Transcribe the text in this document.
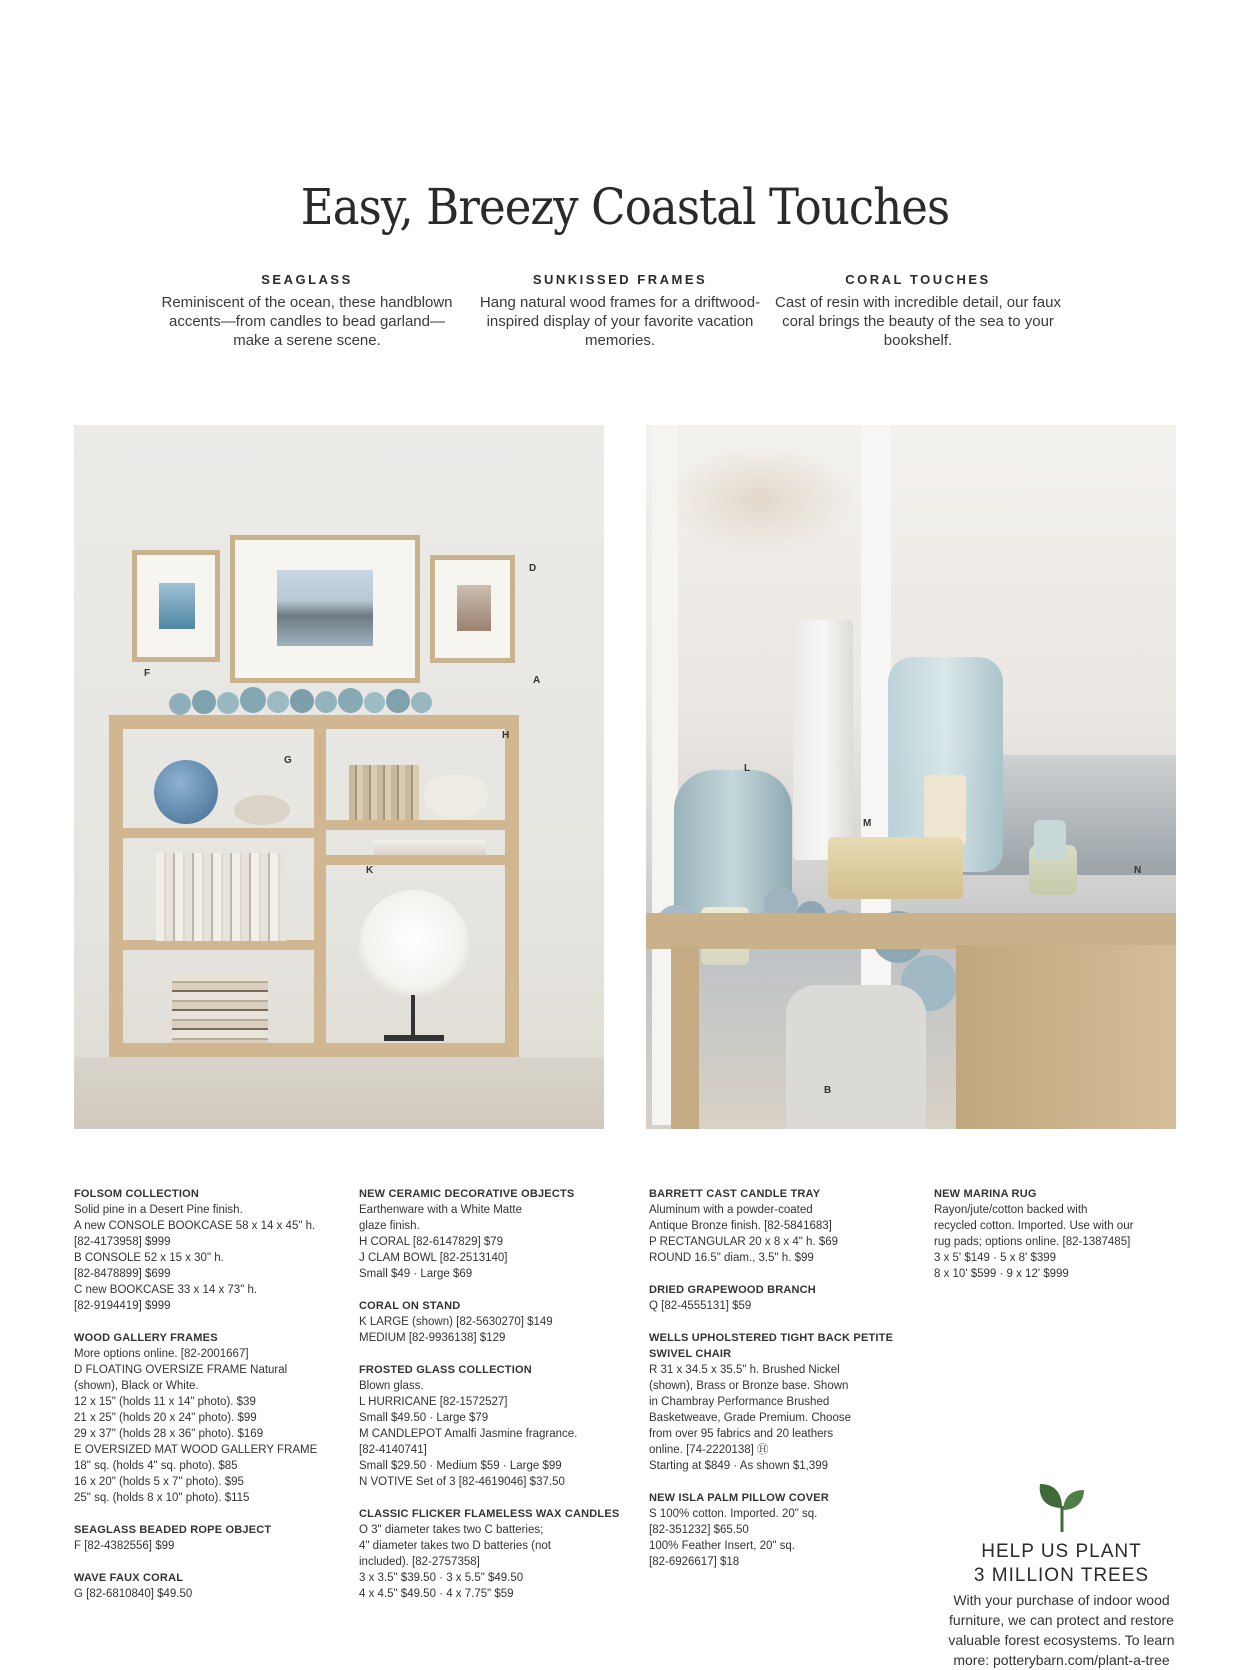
Easy, Breezy Coastal Touches
SEAGLASS

Reminiscent of the ocean, these handblown accents—from candles to bead garland—make a serene scene.

SUNKISSED FRAMES

Hang natural wood frames for a driftwood-inspired display of your favorite vacation memories.

CORAL TOUCHES

Cast of resin with incredible detail, our faux coral brings the beauty of the sea to your bookshelf.

D
F
A
G
H
K
L
M
N
B
FOLSOM COLLECTION
Solid pine in a Desert Pine finish.
A new CONSOLE BOOKCASE 58 x 14 x 45" h.
[82-4173958] $999
B CONSOLE 52 x 15 x 30" h.
[82-8478899] $699
C new BOOKCASE 33 x 14 x 73" h.
[82-9194419] $999
WOOD GALLERY FRAMES
More options online. [82-2001667]
D FLOATING OVERSIZE FRAME Natural
(shown), Black or White.
12 x 15" (holds 11 x 14" photo). $39
21 x 25" (holds 20 x 24" photo). $99
29 x 37" (holds 28 x 36" photo). $169
E OVERSIZED MAT WOOD GALLERY FRAME
18" sq. (holds 4" sq. photo). $85
16 x 20" (holds 5 x 7" photo). $95
25" sq. (holds 8 x 10" photo). $115
SEAGLASS BEADED ROPE OBJECT
F [82-4382556] $99
WAVE FAUX CORAL
G [82-6810840] $49.50
NEW CERAMIC DECORATIVE OBJECTS
Earthenware with a White Matte
glaze finish.
H CORAL [82-6147829] $79
J CLAM BOWL [82-2513140]
Small $49 · Large $69
CORAL ON STAND
K LARGE (shown) [82-5630270] $149
MEDIUM [82-9936138] $129
FROSTED GLASS COLLECTION
Blown glass.
L HURRICANE [82-1572527]
Small $49.50 · Large $79
M CANDLEPOT Amalfi Jasmine fragrance.
[82-4140741]
Small $29.50 · Medium $59 · Large $99
N VOTIVE Set of 3 [82-4619046] $37.50
CLASSIC FLICKER FLAMELESS WAX CANDLES
O 3" diameter takes two C batteries;
4" diameter takes two D batteries (not
included). [82-2757358]
3 x 3.5" $39.50 · 3 x 5.5" $49.50
4 x 4.5" $49.50 · 4 x 7.75" $59
BARRETT CAST CANDLE TRAY
Aluminum with a powder-coated
Antique Bronze finish. [82-5841683]
P RECTANGULAR 20 x 8 x 4" h. $69
ROUND 16.5" diam., 3.5" h. $99
DRIED GRAPEWOOD BRANCH
Q [82-4555131] $59
WELLS UPHOLSTERED TIGHT BACK PETITE SWIVEL CHAIR
R 31 x 34.5 x 35.5" h. Brushed Nickel
(shown), Brass or Bronze base. Shown
in Chambray Performance Brushed
Basketweave, Grade Premium. Choose
from over 95 fabrics and 20 leathers
online. [74-2220138] Ⓗ
Starting at $849 · As shown $1,399
NEW ISLA PALM PILLOW COVER
S 100% cotton. Imported. 20" sq.
[82-351232] $65.50
100% Feather Insert, 20" sq.
[82-6926617] $18
NEW MARINA RUG
Rayon/jute/cotton backed with
recycled cotton. Imported. Use with our
rug pads; options online. [82-1387485]
3 x 5' $149 · 5 x 8' $399
8 x 10' $599 · 9 x 12' $999
HELP US PLANT
3 MILLION TREES

With your purchase of indoor wood furniture, we can protect and restore valuable forest ecosystems. To learn more: potterybarn.com/plant-a-tree
